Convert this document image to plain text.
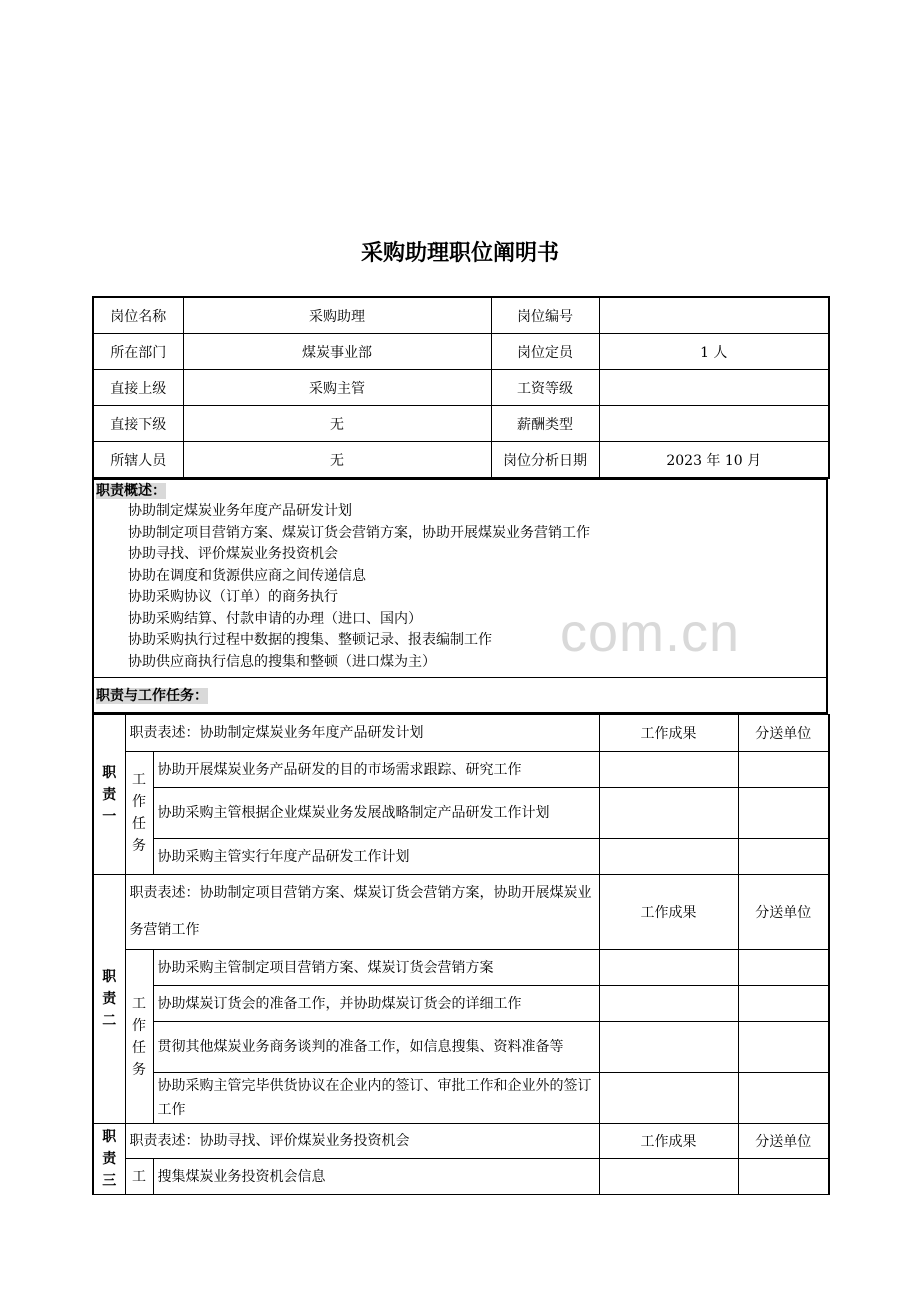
com.cn
采购助理职位阐明书
岗位名称	采购助理	岗位编号	
所在部门	煤炭事业部	岗位定员	1 人
直接上级	采购主管	工资等级	
直接下级	无	薪酬类型	
所辖人员	无	岗位分析日期	2023 年 10 月
职责概述：
协助制定煤炭业务年度产品研发计划
协助制定项目营销方案、煤炭订货会营销方案，协助开展煤炭业务营销工作
协助寻找、评价煤炭业务投资机会
协助在调度和货源供应商之间传递信息
协助采购协议（订单）的商务执行
协助采购结算、付款申请的办理（进口、国内）
协助采购执行过程中数据的搜集、整顿记录、报表编制工作
协助供应商执行信息的搜集和整顿（进口煤为主）

职责与工作任务：
职
责
一	职责表述：协助制定煤炭业务年度产品研发计划		工作成果	分送单位

	工
作
任
务	协助开展煤炭业务产品研发的目的市场需求跟踪、研究工作		
		协助采购主管根据企业煤炭业务发展战略制定产品研发工作计划		
		协助采购主管实行年度产品研发工作计划		

职
责
二	职责表述：协助制定项目营销方案、煤炭订货会营销方案，协助开展煤炭业务营销工作		工作成果	分送单位

	工
作
任
务	协助采购主管制定项目营销方案、煤炭订货会营销方案		
		协助煤炭订货会的准备工作，并协助煤炭订货会的详细工作		
		贯彻其他煤炭业务商务谈判的准备工作，如信息搜集、资料准备等		
		协助采购主管完毕供货协议在企业内的签订、审批工作和企业外的签订工作		

职
责
三	职责表述：协助寻找、评价煤炭业务投资机会		工作成果	分送单位

	工	搜集煤炭业务投资机会信息		
